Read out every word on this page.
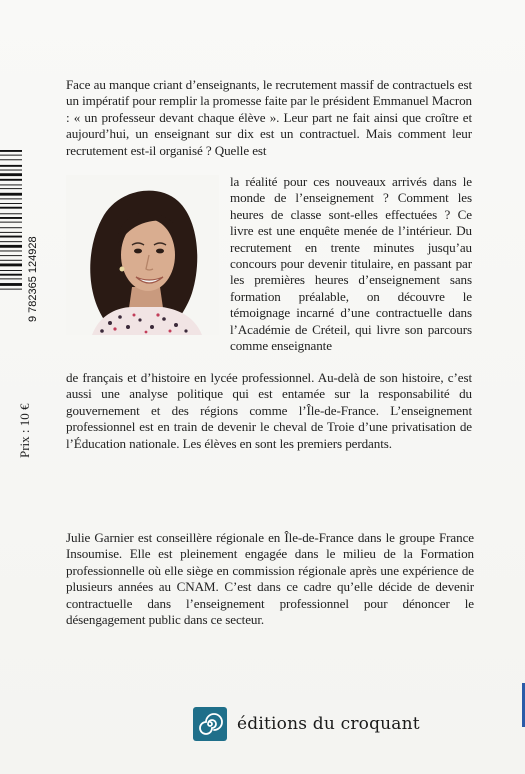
9 782365 124928
Prix : 10 €
Face au manque criant d’enseignants, le recrutement massif de contractuels est un impératif pour remplir la promesse faite par le président Emmanuel Macron : « un professeur devant chaque élève ». Leur part ne fait ainsi que croître et aujourd’hui, un enseignant sur dix est un contractuel. Mais comment leur recrutement est-il organisé ? Quelle est
la réalité pour ces nouveaux arrivés dans le monde de l’enseignement ? Comment les heures de classe sont-elles effectuées ? Ce livre est une enquête menée de l’intérieur. Du recrutement en trente minutes jusqu’au concours pour devenir titulaire, en passant par les premières heures d’enseignement sans formation préalable, on découvre le témoignage incarné d’une contractuelle dans l’Académie de Créteil, qui livre son parcours comme enseignante
de français et d’histoire en lycée professionnel. Au-delà de son histoire, c’est aussi une analyse politique qui est entamée sur la responsabilité du gouvernement et des régions comme l’Île-de-France. L’enseignement professionnel est en train de devenir le cheval de Troie d’une privatisation de l’Éducation nationale. Les élèves en sont les premiers perdants.
Julie Garnier est conseillère régionale en Île-de-France dans le groupe France Insoumise. Elle est pleinement engagée dans le milieu de la Formation professionnelle où elle siège en commission régionale après une expérience de plusieurs années au CNAM. C’est dans ce cadre qu’elle décide de devenir contractuelle dans l’enseignement professionnel pour dénoncer le désengagement public dans ce secteur.
éditions du croquant
